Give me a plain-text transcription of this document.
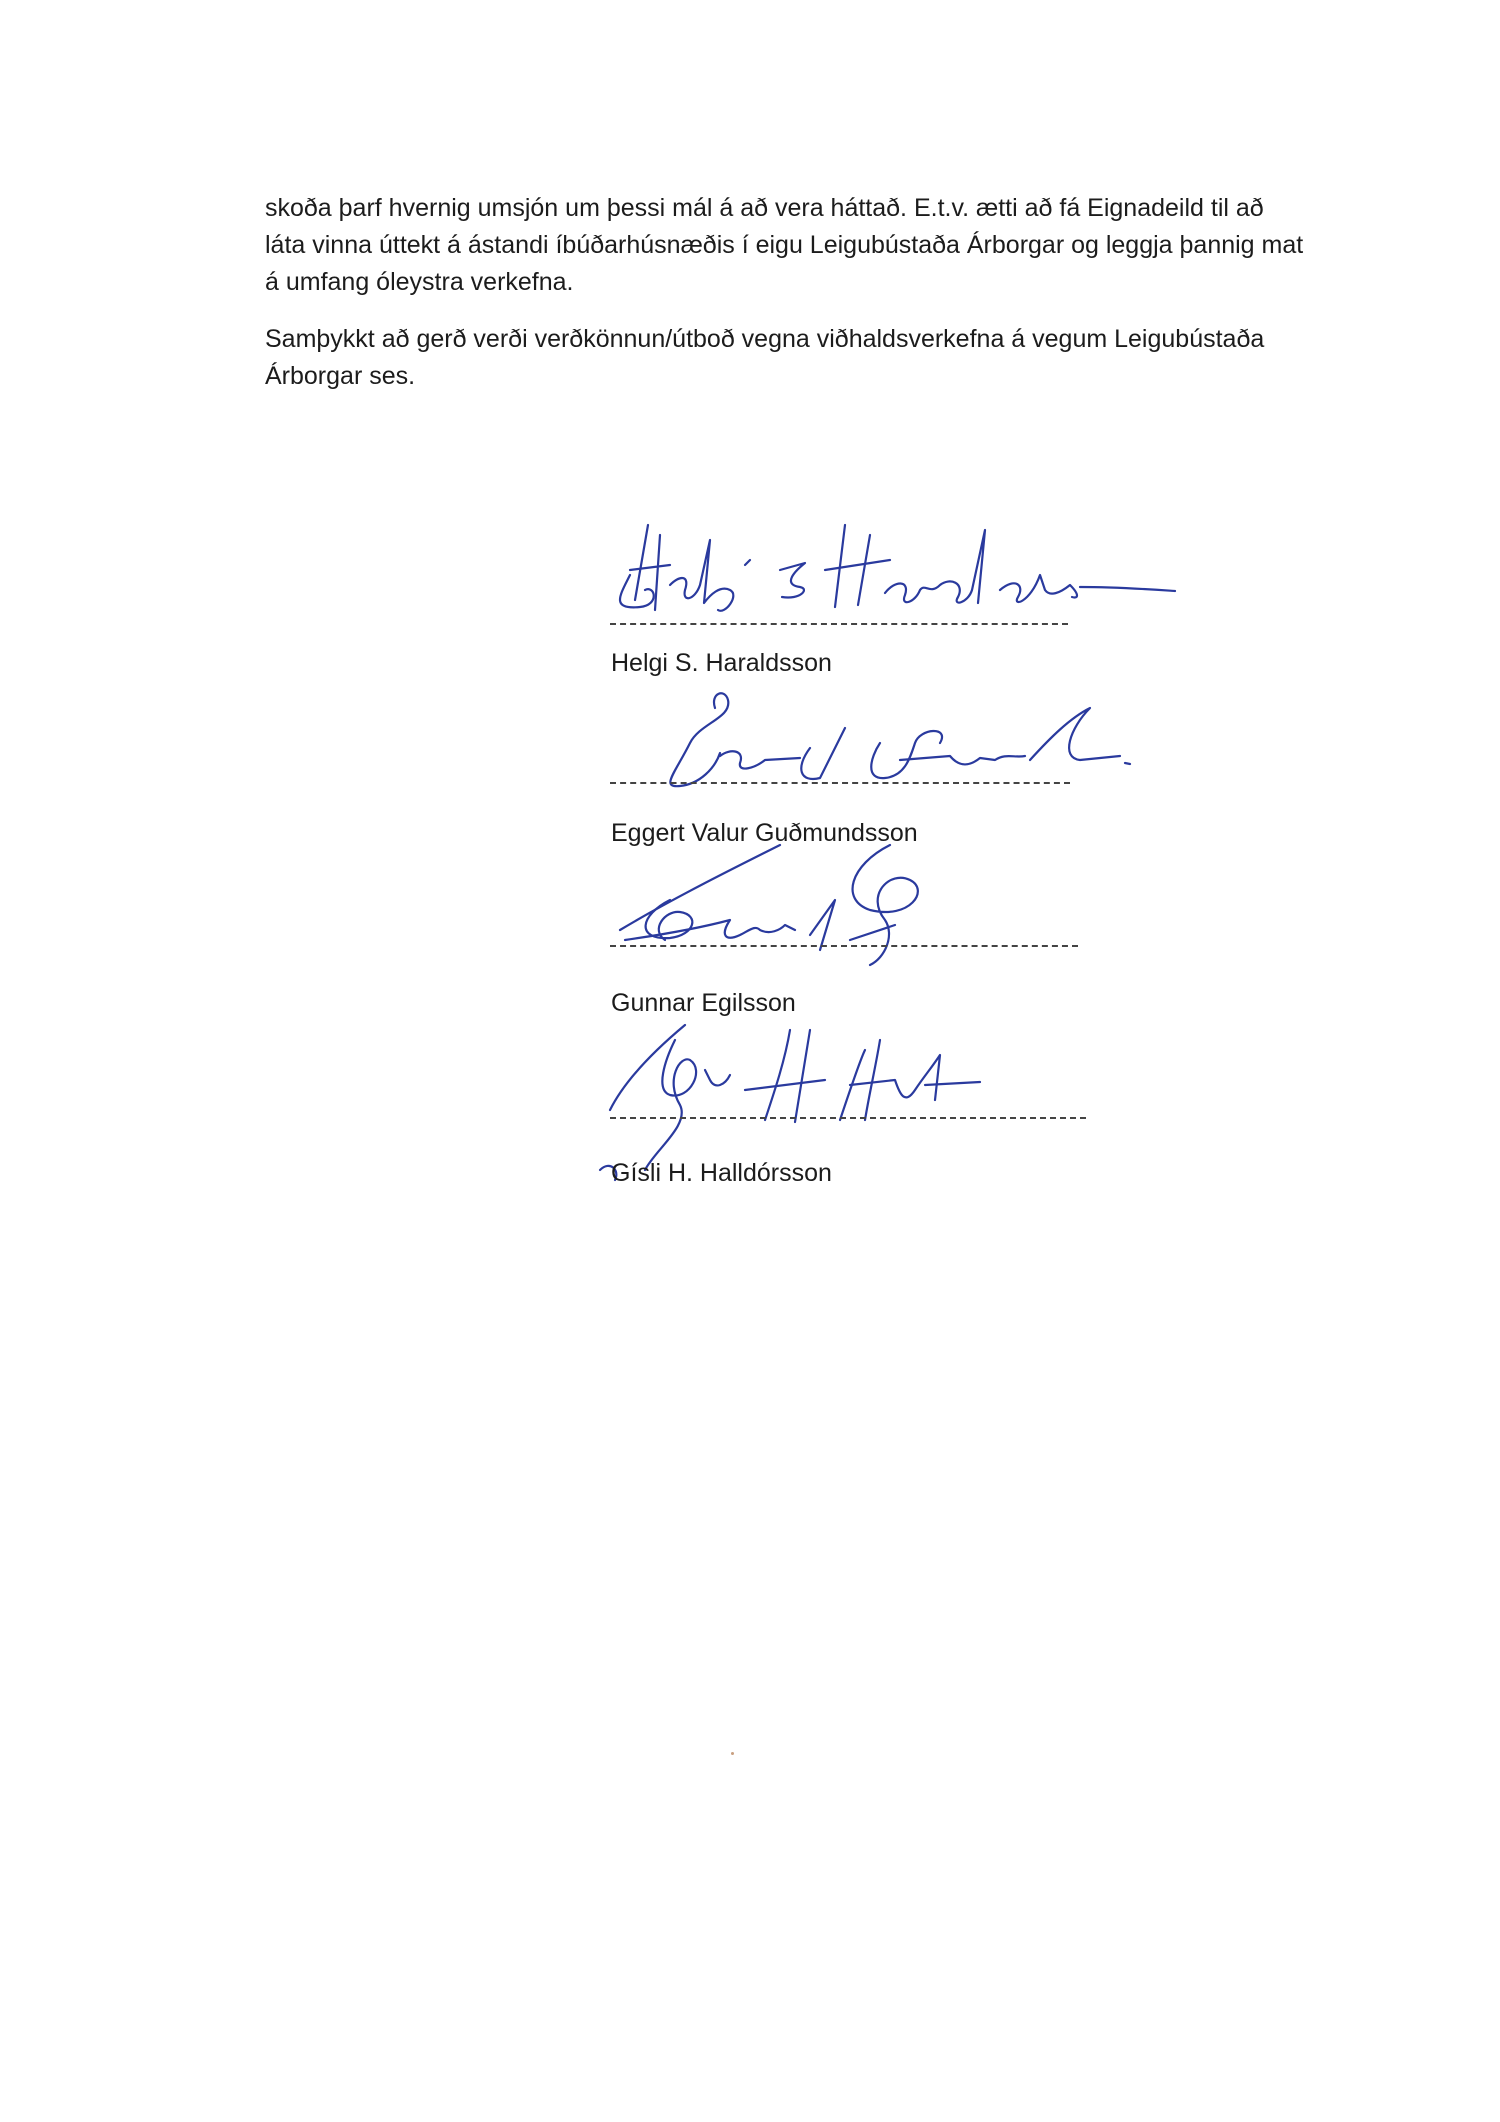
skoða þarf hvernig umsjón um þessi mál á að vera háttað. E.t.v. ætti að fá Eignadeild til að
láta vinna úttekt á ástandi íbúðarhúsnæðis í eigu Leigubústaða Árborgar og leggja þannig mat
á umfang óleystra verkefna.

Samþykkt að gerð verði verðkönnun/útboð vegna viðhaldsverkefna á vegum Leigubústaða
Árborgar ses.

Helgi S. Haraldsson
Eggert Valur Guðmundsson
Gunnar Egilsson
Gísli H. Halldórsson
